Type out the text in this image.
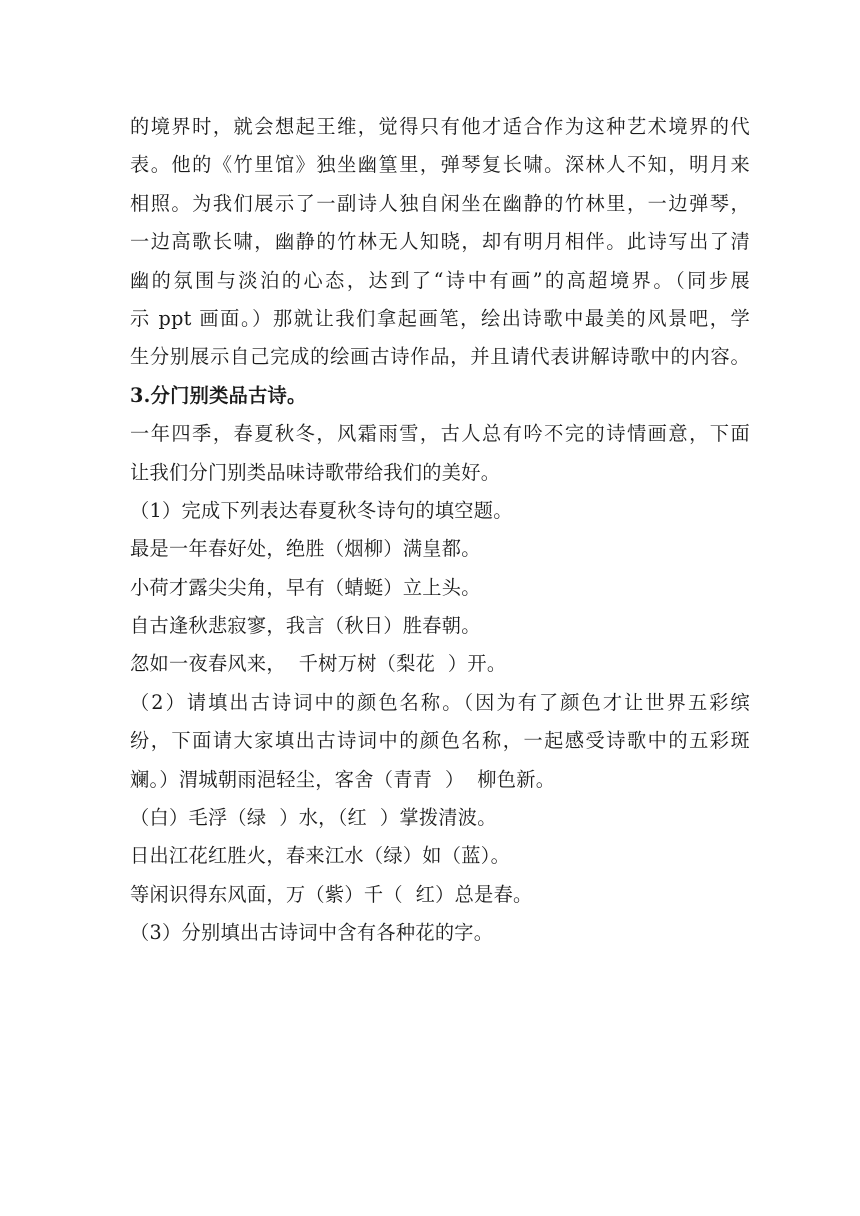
的境界时，就会想起王维，觉得只有他才适合作为这种艺术境界的代
表。他的《竹里馆》独坐幽篁里，弹琴复长啸。深林人不知，明月来
相照。为我们展示了一副诗人独自闲坐在幽静的竹林里，一边弹琴，
一边高歌长啸，幽静的竹林无人知晓，却有明月相伴。此诗写出了清
幽的氛围与淡泊的心态，达到了“诗中有画”的高超境界。（同步展
示 ppt 画面。）那就让我们拿起画笔，绘出诗歌中最美的风景吧，学
生分别展示自己完成的绘画古诗作品，并且请代表讲解诗歌中的内容。
3.分门别类品古诗。
一年四季，春夏秋冬，风霜雨雪，古人总有吟不完的诗情画意，下面
让我们分门别类品味诗歌带给我们的美好。
（1）完成下列表达春夏秋冬诗句的填空题。
最是一年春好处，绝胜（烟柳）满皇都。
小荷才露尖尖角，早有（蜻蜓）立上头。
自古逢秋悲寂寥，我言（秋日）胜春朝。
忽如一夜春风来，  千树万树（梨花  ）开。
（2）请填出古诗词中的颜色名称。（因为有了颜色才让世界五彩缤
纷，下面请大家填出古诗词中的颜色名称，一起感受诗歌中的五彩斑
斓。）渭城朝雨浥轻尘，客舍（青青  ）  柳色新。
（白）毛浮（绿  ）水，（红  ）掌拨清波。
日出江花红胜火，春来江水（绿）如（蓝）。
等闲识得东风面，万（紫）千（  红）总是春。
（3）分别填出古诗词中含有各种花的字。
